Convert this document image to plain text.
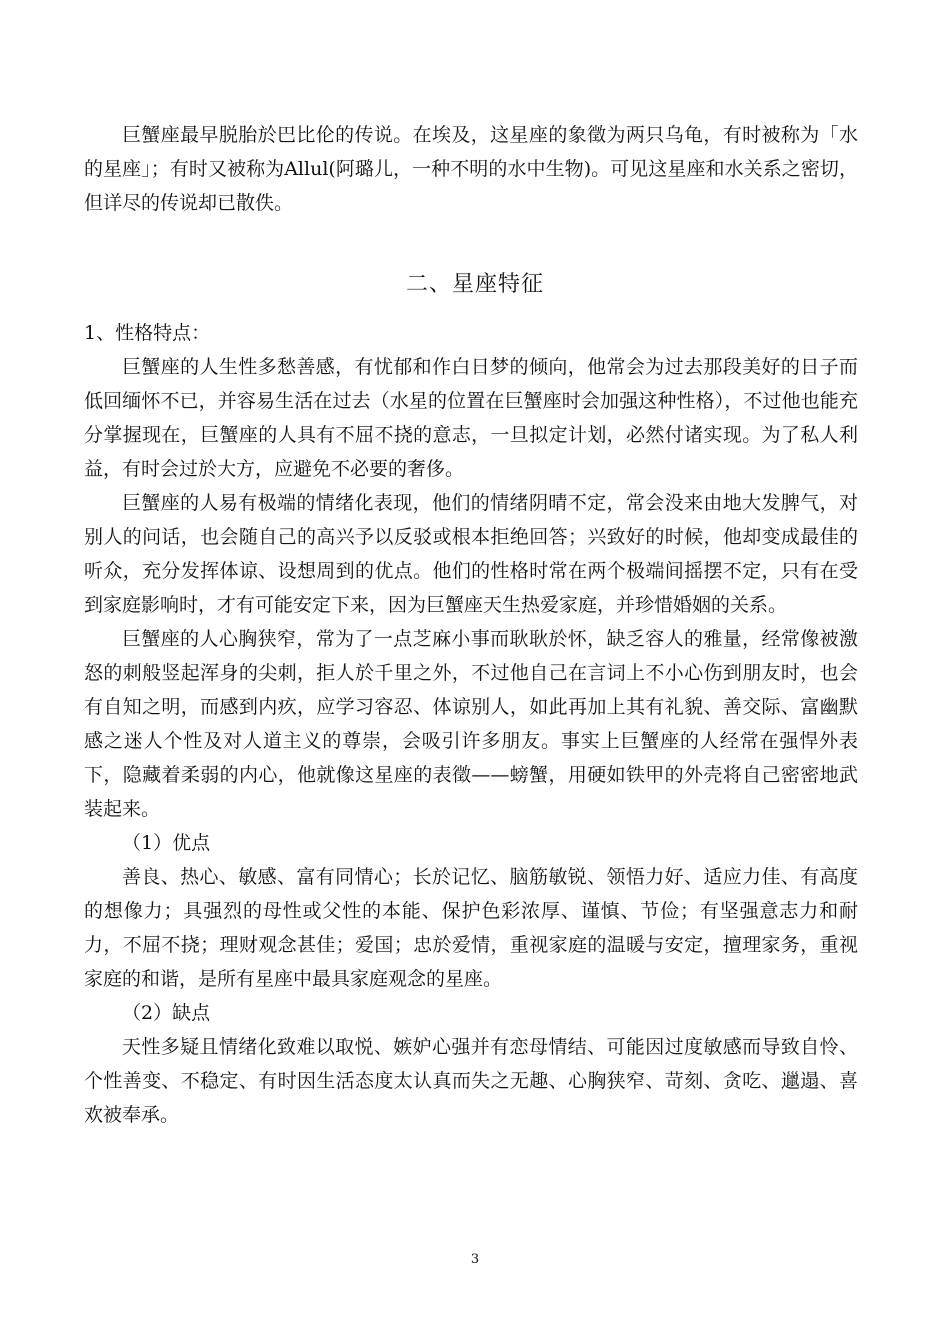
巨蟹座最早脱胎於巴比伦的传说。在埃及，这星座的象徵为两只乌龟，有时被称为「水的星座」；有时又被称为Allul(阿璐儿，一种不明的水中生物)。可见这星座和水关系之密切，但详尽的传说却已散佚。

二、星座特征

1、性格特点：

巨蟹座的人生性多愁善感，有忧郁和作白日梦的倾向，他常会为过去那段美好的日子而低回缅怀不已，并容易生活在过去（水星的位置在巨蟹座时会加强这种性格），不过他也能充分掌握现在，巨蟹座的人具有不屈不挠的意志，一旦拟定计划，必然付诸实现。为了私人利益，有时会过於大方，应避免不必要的奢侈。

巨蟹座的人易有极端的情绪化表现，他们的情绪阴晴不定，常会没来由地大发脾气，对别人的问话，也会随自己的高兴予以反驳或根本拒绝回答；兴致好的时候，他却变成最佳的听众，充分发挥体谅、设想周到的优点。他们的性格时常在两个极端间摇摆不定，只有在受到家庭影响时，才有可能安定下来，因为巨蟹座天生热爱家庭，并珍惜婚姻的关系。

巨蟹座的人心胸狭窄，常为了一点芝麻小事而耿耿於怀，缺乏容人的雅量，经常像被激怒的刺般竖起浑身的尖刺，拒人於千里之外，不过他自己在言词上不小心伤到朋友时，也会有自知之明，而感到内疚，应学习容忍、体谅别人，如此再加上其有礼貌、善交际、富幽默感之迷人个性及对人道主义的尊崇，会吸引许多朋友。事实上巨蟹座的人经常在强悍外表下，隐藏着柔弱的内心，他就像这星座的表徵——螃蟹，用硬如铁甲的外壳将自己密密地武装起来。

（1）优点

善良、热心、敏感、富有同情心；长於记忆、脑筋敏锐、领悟力好、适应力佳、有高度的想像力；具强烈的母性或父性的本能、保护色彩浓厚、谨慎、节俭；有坚强意志力和耐力，不屈不挠；理财观念甚佳；爱国；忠於爱情，重视家庭的温暖与安定，擅理家务，重视家庭的和谐，是所有星座中最具家庭观念的星座。

（2）缺点

天性多疑且情绪化致难以取悦、嫉妒心强并有恋母情结、可能因过度敏感而导致自怜、个性善变、不稳定、有时因生活态度太认真而失之无趣、心胸狭窄、苛刻、贪吃、邋遢、喜欢被奉承。

3
